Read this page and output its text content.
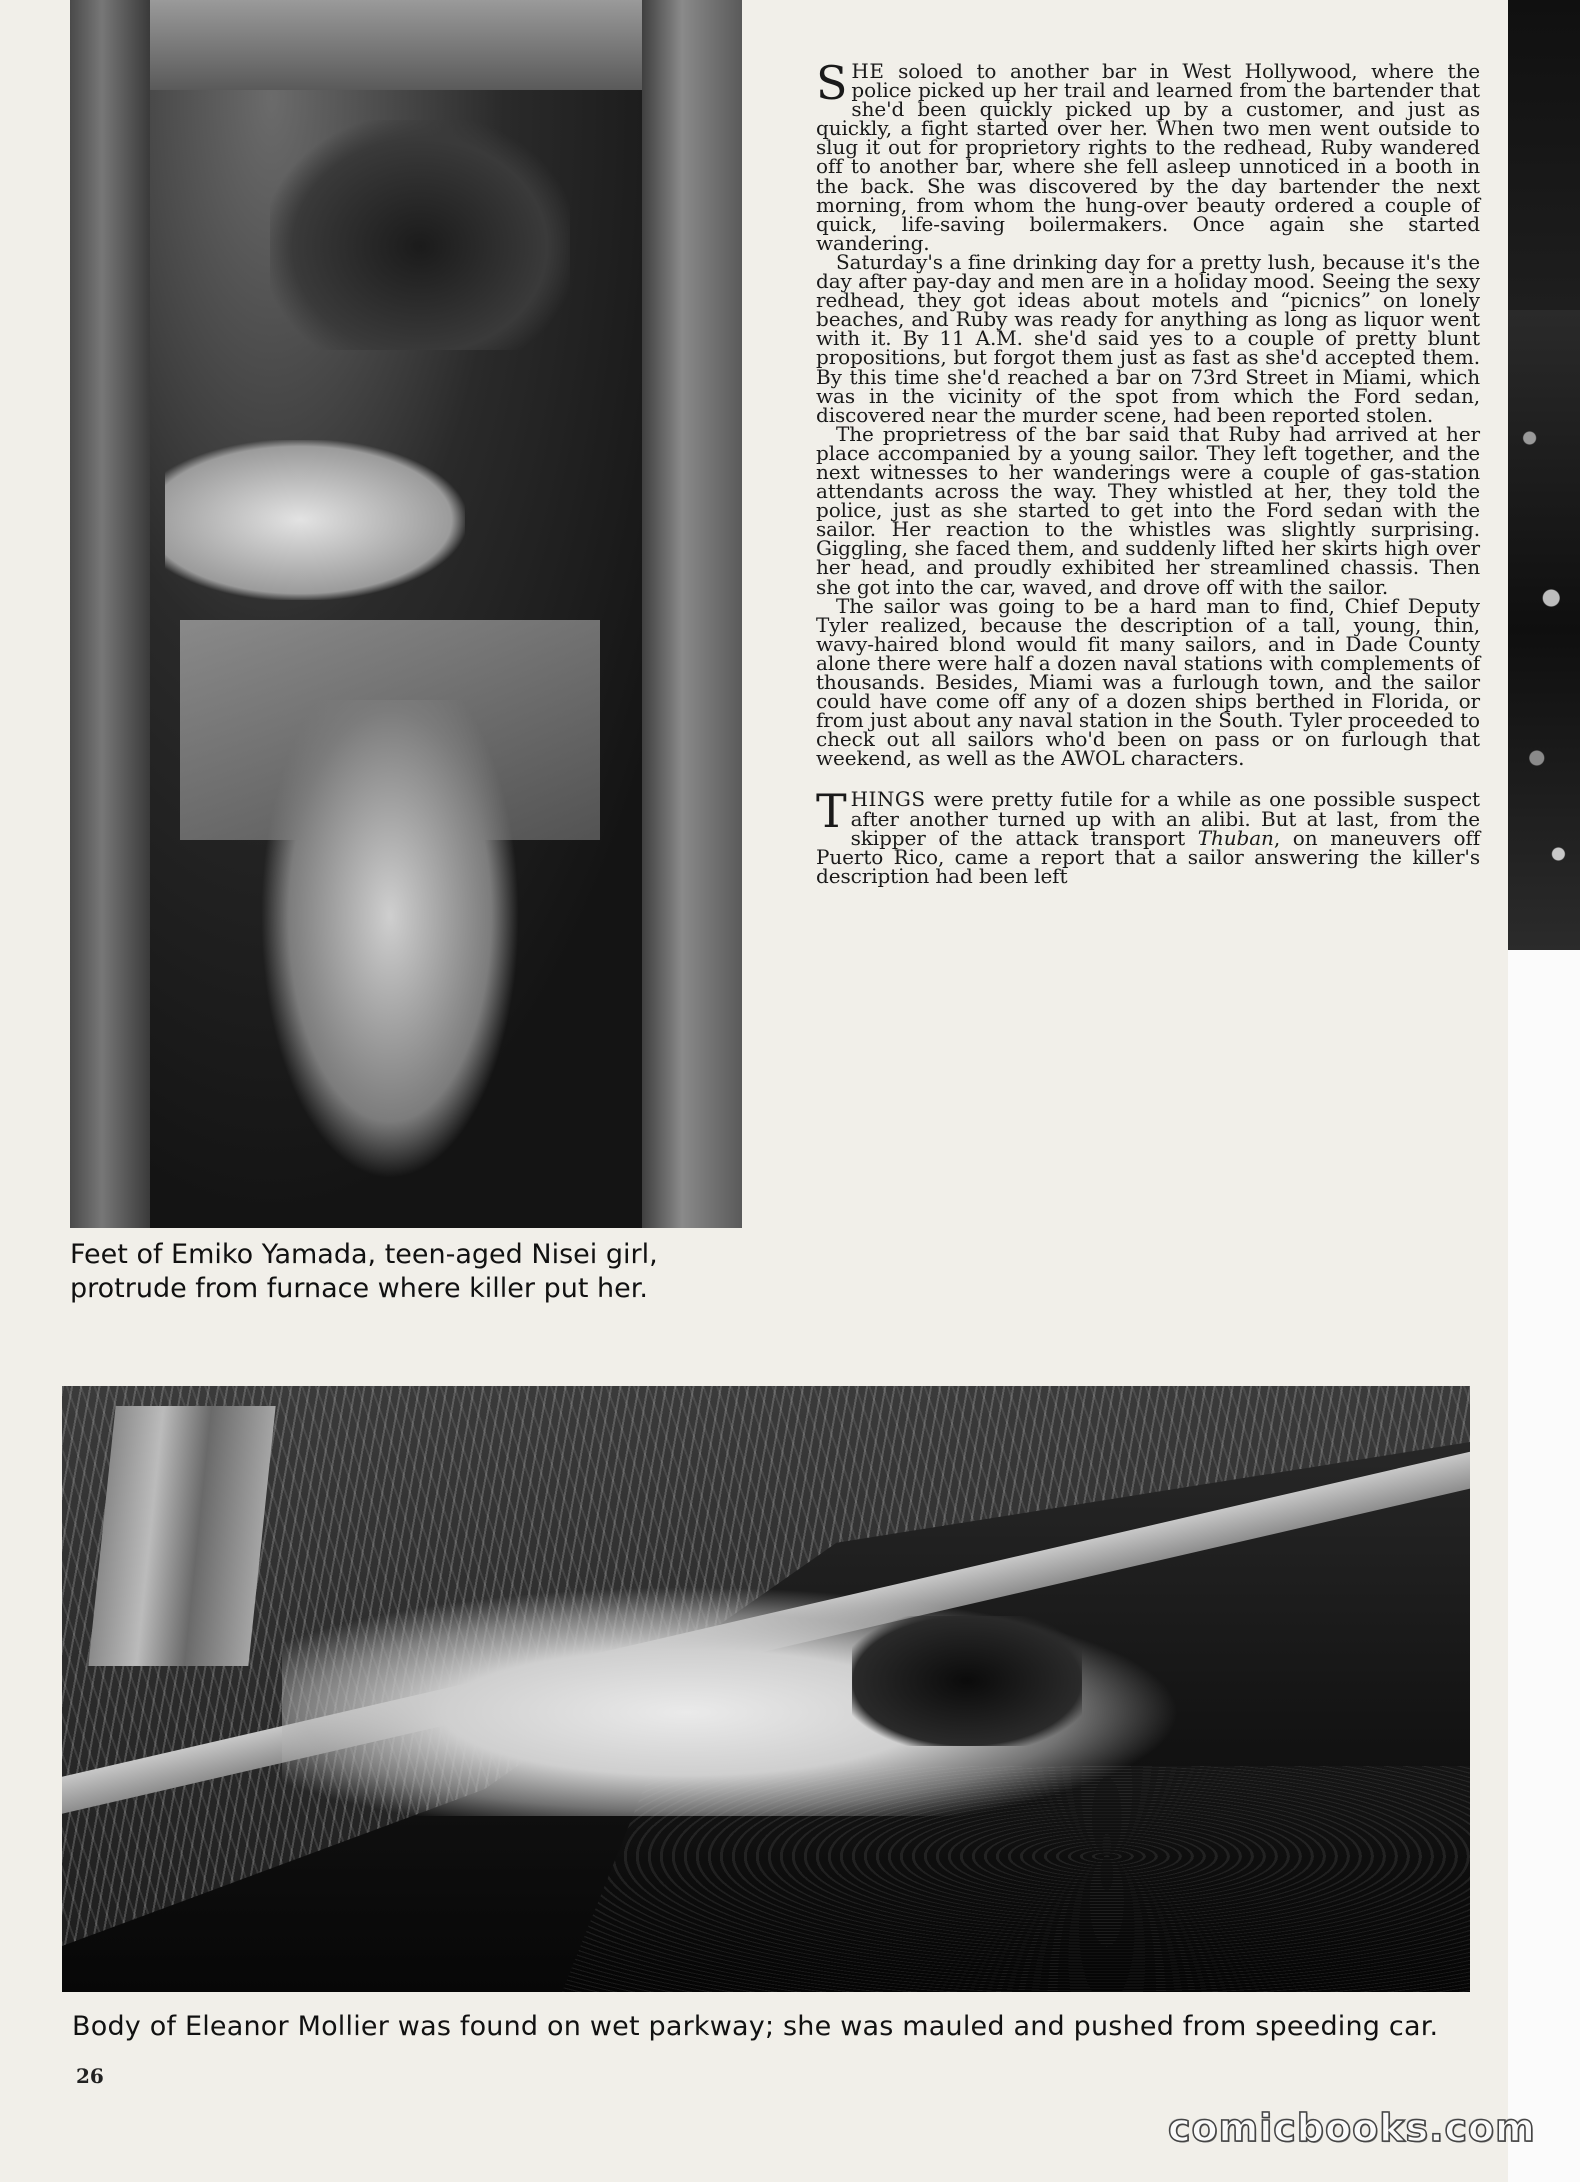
Feet of Emiko Yamada, teen-aged Nisei girl,
protrude from furnace where killer put her.

SHE soloed to another bar in West Hollywood, where the police picked up her trail and learned from the bartender that she'd been quickly picked up by a customer, and just as quickly, a fight started over her. When two men went outside to slug it out for proprietory rights to the redhead, Ruby wandered off to another bar, where she fell asleep unnoticed in a booth in the back. She was discovered by the day bartender the next morning, from whom the hung-over beauty ordered a couple of quick, life-saving boilermakers. Once again she started wandering.

Saturday's a fine drinking day for a pretty lush, because it's the day after pay-day and men are in a holiday mood. Seeing the sexy redhead, they got ideas about motels and “picnics” on lonely beaches, and Ruby was ready for anything as long as liquor went with it. By 11 A.M. she'd said yes to a couple of pretty blunt propositions, but forgot them just as fast as she'd accepted them. By this time she'd reached a bar on 73rd Street in Miami, which was in the vicinity of the spot from which the Ford sedan, discovered near the murder scene, had been reported stolen.

The proprietress of the bar said that Ruby had arrived at her place accompanied by a young sailor. They left together, and the next witnesses to her wanderings were a couple of gas-station attendants across the way. They whistled at her, they told the police, just as she started to get into the Ford sedan with the sailor. Her reaction to the whistles was slightly surprising. Giggling, she faced them, and suddenly lifted her skirts high over her head, and proudly exhibited her streamlined chassis. Then she got into the car, waved, and drove off with the sailor.

The sailor was going to be a hard man to find, Chief Deputy Tyler realized, because the description of a tall, young, thin, wavy-haired blond would fit many sailors, and in Dade County alone there were half a dozen naval stations with complements of thousands. Besides, Miami was a furlough town, and the sailor could have come off any of a dozen ships berthed in Florida, or from just about any naval station in the South. Tyler proceeded to check out all sailors who'd been on pass or on furlough that weekend, as well as the AWOL characters.

THINGS were pretty futile for a while as one possible suspect after another turned up with an alibi. But at last, from the skipper of the attack transport Thuban, on maneuvers off Puerto Rico, came a report that a sailor answering the killer's description had been left

Body of Eleanor Mollier was found on wet parkway; she was mauled and pushed from speeding car.

26
comicbooks.com
